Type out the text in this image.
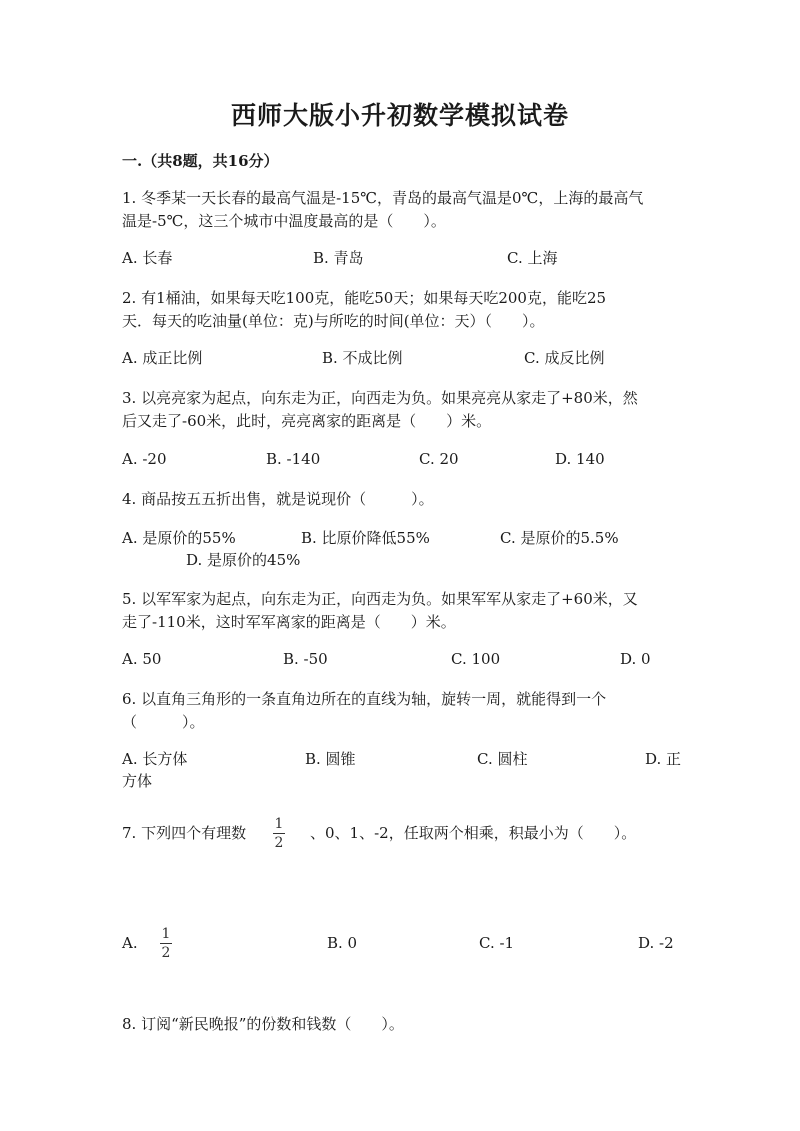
西师大版小升初数学模拟试卷
一.（共8题，共16分）
1. 冬季某一天长春的最高气温是-15℃，青岛的最高气温是0℃，上海的最高气
温是-5℃，这三个城市中温度最高的是（　　）。
A. 长春	B. 青岛	C. 上海
2. 有1桶油，如果每天吃100克，能吃50天；如果每天吃200克，能吃25
天．每天的吃油量(单位：克)与所吃的时间(单位：天）（　　）。
A. 成正比例	B. 不成比例	C. 成反比例
3. 以亮亮家为起点，向东走为正，向西走为负。如果亮亮从家走了+80米，然
后又走了-60米，此时，亮亮离家的距离是（　　）米。
A. -20	B. -140	C. 20	D. 140
4. 商品按五五折出售，就是说现价（　　　）。
A. 是原价的55%	B. 比原价降低55%	C. 是原价的5.5%
D. 是原价的45%
5. 以军军家为起点，向东走为正，向西走为负。如果军军从家走了+60米，又
走了-110米，这时军军离家的距离是（　　）米。
A. 50	B. -50	C. 100	D. 0
6. 以直角三角形的一条直角边所在的直线为轴，旋转一周，就能得到一个
（　　　）。
A. 长方体	B. 圆锥	C. 圆柱	D. 正
方体
7. 下列四个有理数 1
2
、0、1、-2，任取两个相乘，积最小为（　　）。
A. 1
2
B. 0	C. -1	D. -2
8. 订阅“新民晚报”的份数和钱数（　　）。
